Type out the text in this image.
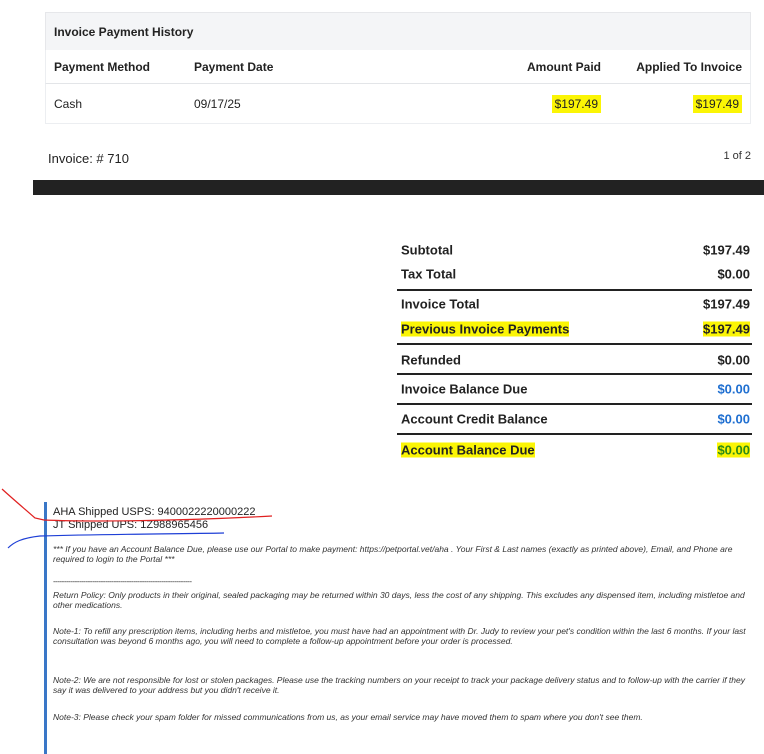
Invoice Payment History
Payment Method	Payment Date	Amount Paid	Applied To Invoice
Cash	09/17/25	$197.49	$197.49
Invoice: # 710	1 of 2
Subtotal	$197.49
Tax Total	$0.00
Invoice Total	$197.49
Previous Invoice Payments	$197.49
Refunded	$0.00
Invoice Balance Due	$0.00
Account Credit Balance	$0.00
Account Balance Due	$0.00
AHA Shipped USPS: 9400022220000222
JT Shipped UPS: 1Z988965456
*** If you have an Account Balance Due, please use our Portal to make payment: https://petportal.vet/aha . Your First & Last names (exactly as printed above), Email, and Phone are required to login to the Portal ***
----------------------------------------------------------------
Return Policy: Only products in their original, sealed packaging may be returned within 30 days, less the cost of any shipping. This excludes any dispensed item, including mistletoe and other medications.
Note-1: To refill any prescription items, including herbs and mistletoe, you must have had an appointment with Dr. Judy to review your pet's condition within the last 6 months. If your last consultation was beyond 6 months ago, you will need to complete a follow-up appointment before your order is processed.
Note-2: We are not responsible for lost or stolen packages. Please use the tracking numbers on your receipt to track your package delivery status and to follow-up with the carrier if they say it was delivered to your address but you didn't receive it.
Note-3: Please check your spam folder for missed communications from us, as your email service may have moved them to spam where you don't see them.
